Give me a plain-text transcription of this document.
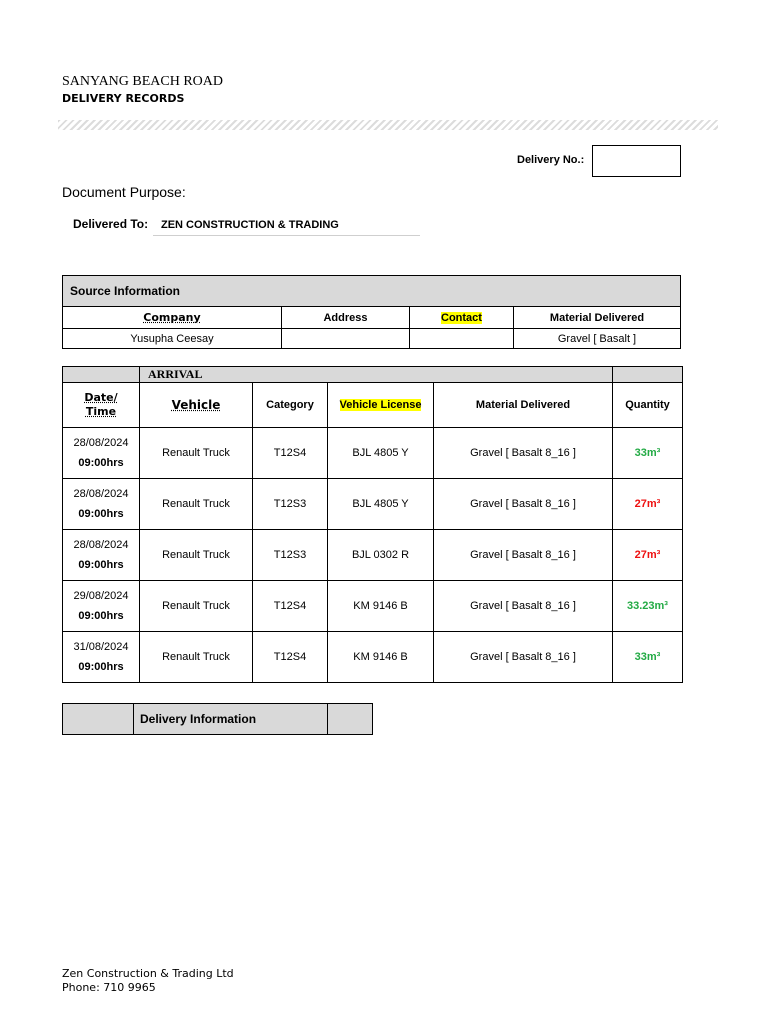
SANYANG BEACH ROAD
DELIVERY RECORDS
Delivery No.:
Document Purpose:
Delivered To:	ZEN CONSTRUCTION & TRADING
Source Information			
Company	Address	Contact	Material Delivered
Yusupha Ceesay			Gravel [ Basalt ]
	ARRIVAL				
Date/
Time	Vehicle	Category	Vehicle License	Material Delivered	Quantity

28/08/2024
09:00hrs	Renault Truck	T12S4	BJL 4805 Y	Gravel [ Basalt 8_16 ]	33m³

28/08/2024
09:00hrs	Renault Truck	T12S3	BJL 4805 Y	Gravel [ Basalt 8_16 ]	27m³

28/08/2024
09:00hrs	Renault Truck	T12S3	BJL 0302 R	Gravel [ Basalt 8_16 ]	27m³

29/08/2024
09:00hrs	Renault Truck	T12S4	KM 9146 B	Gravel [ Basalt 8_16 ]	33.23m³

31/08/2024
09:00hrs	Renault Truck	T12S4	KM 9146 B	Gravel [ Basalt 8_16 ]	33m³
	Delivery Information	
Zen Construction & Trading Ltd
Phone: 710 9965
